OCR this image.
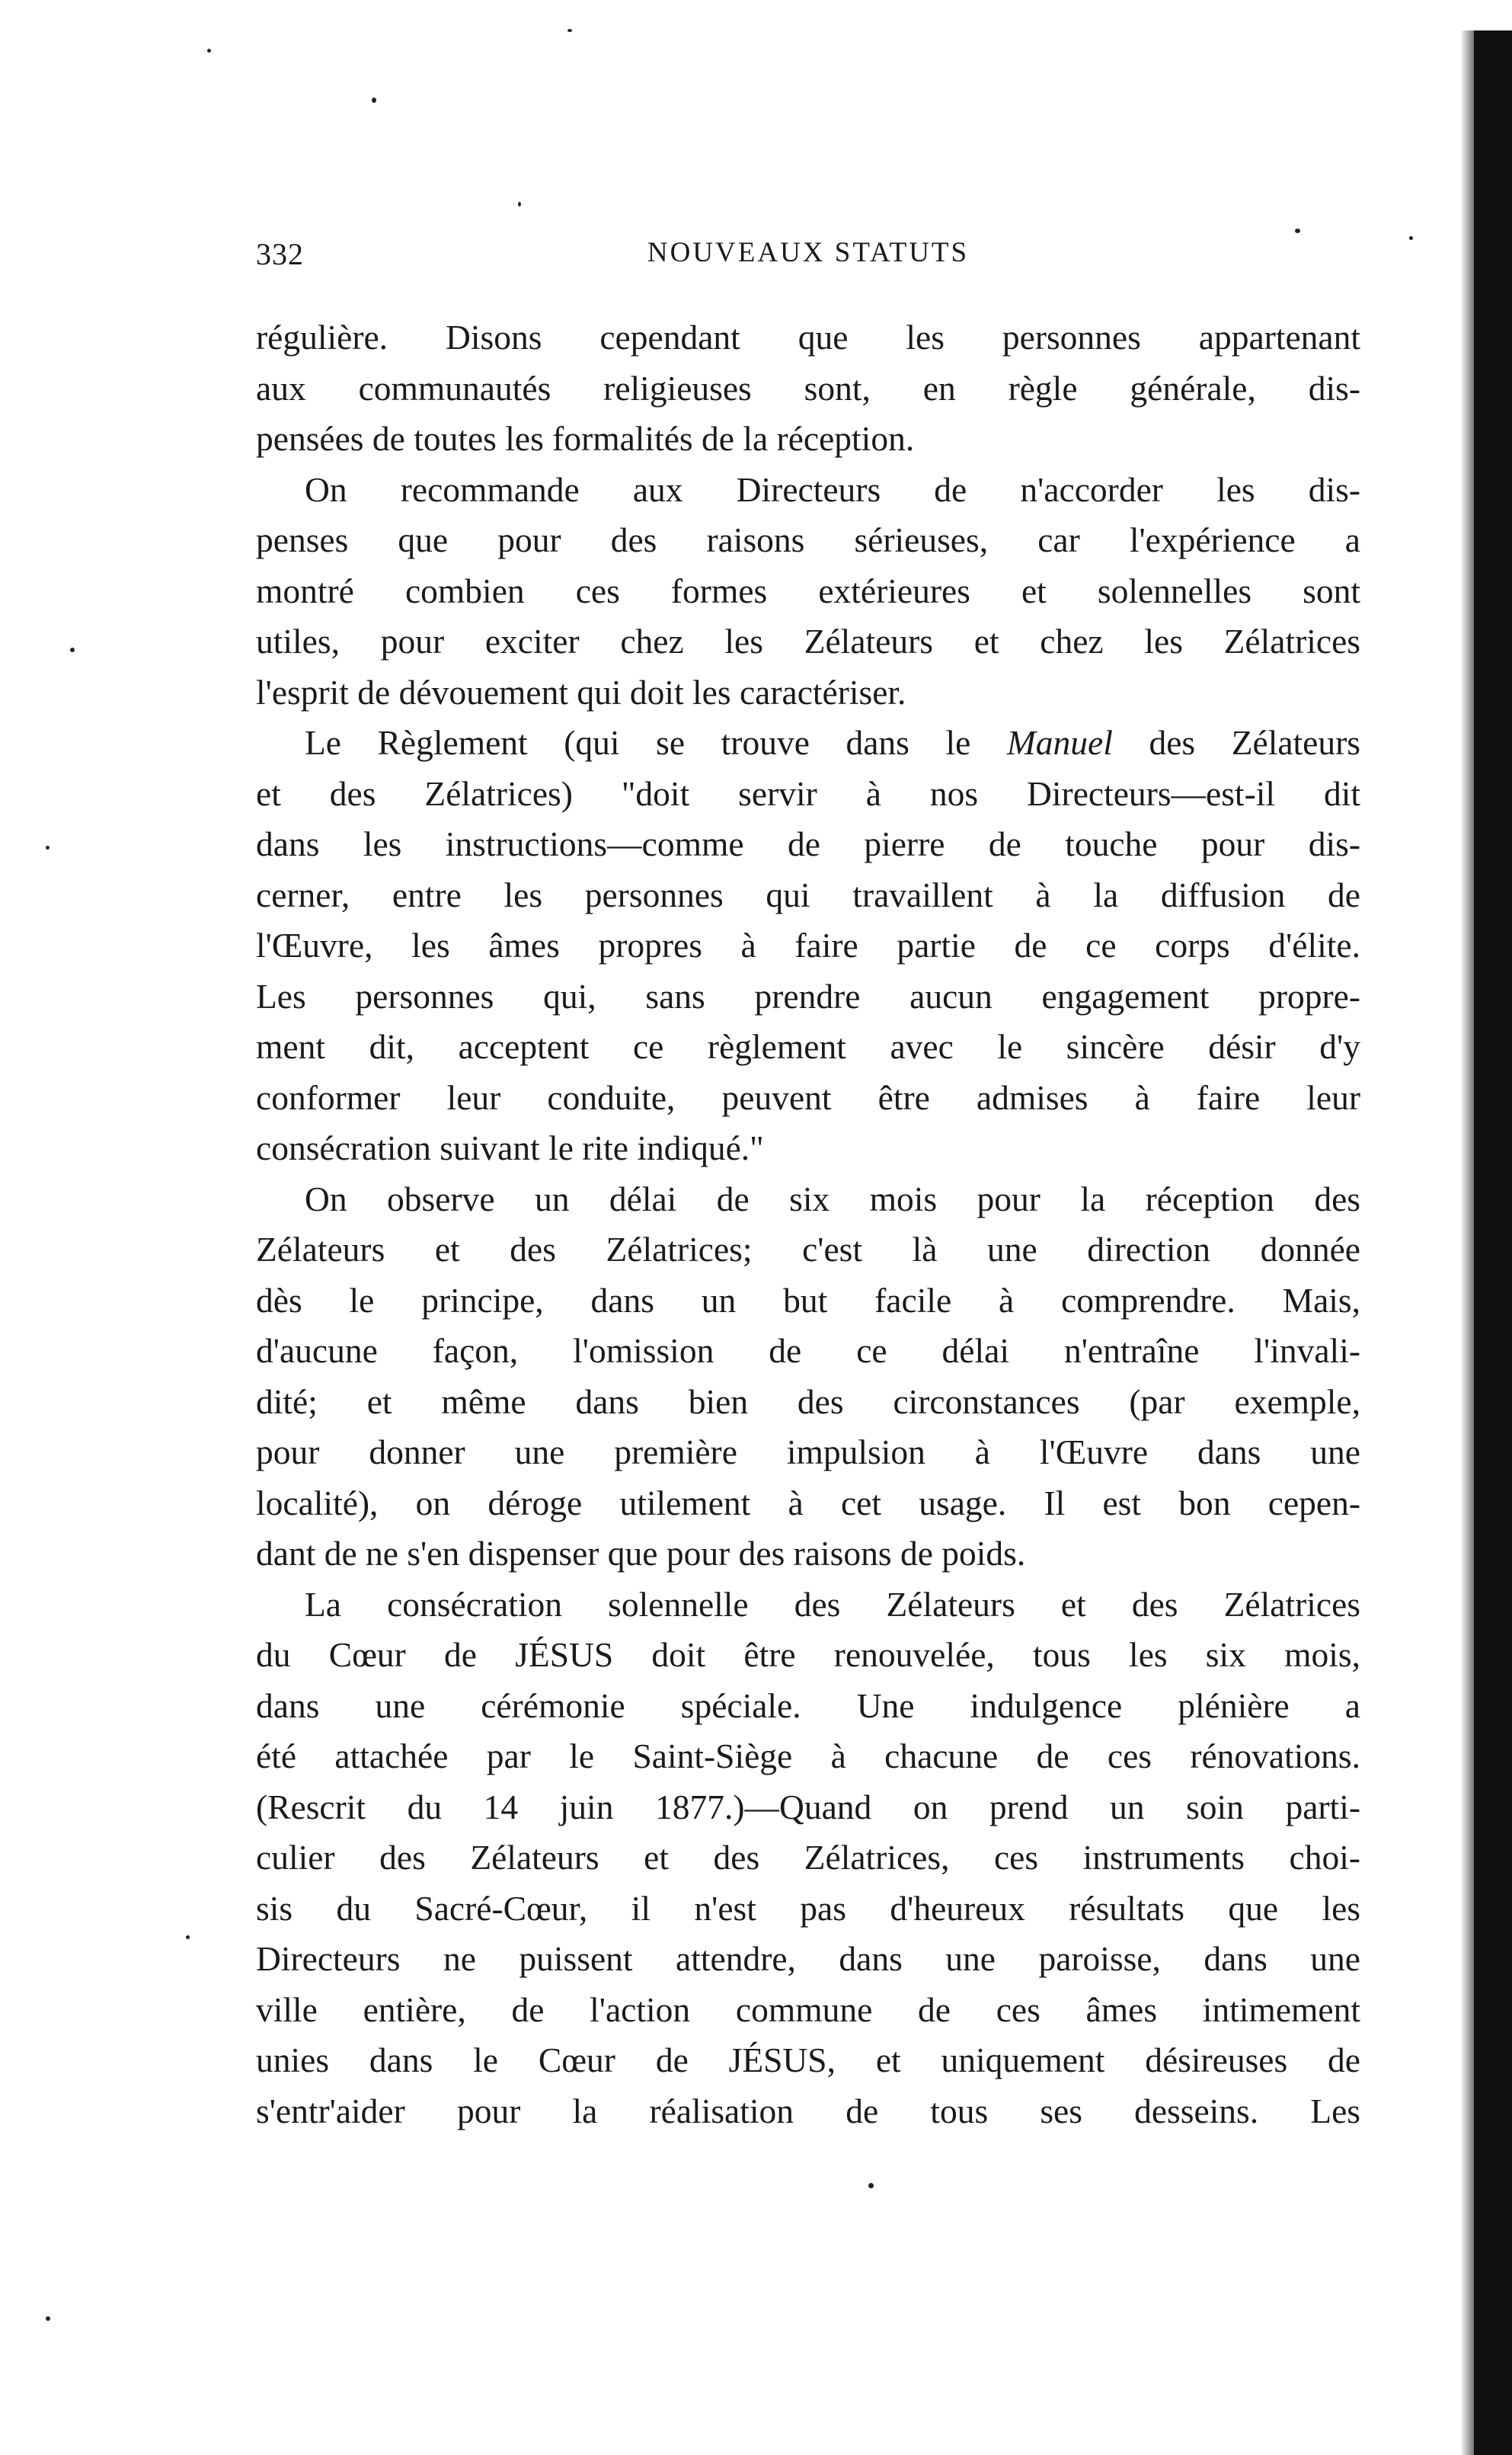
332	NOUVEAUX STATUTS
régulière. Disons cependant que les personnes appartenant
aux communautés religieuses sont, en règle générale, dis-
pensées de toutes les formalités de la réception.
On recommande aux Directeurs de n'accorder les dis-
penses que pour des raisons sérieuses, car l'expérience a
montré combien ces formes extérieures et solennelles sont
utiles, pour exciter chez les Zélateurs et chez les Zélatrices
l'esprit de dévouement qui doit les caractériser.
Le Règlement (qui se trouve dans le Manuel des Zélateurs
et des Zélatrices) "doit servir à nos Directeurs—est-il dit
dans les instructions—comme de pierre de touche pour dis-
cerner, entre les personnes qui travaillent à la diffusion de
l'Œuvre, les âmes propres à faire partie de ce corps d'élite.
Les personnes qui, sans prendre aucun engagement propre-
ment dit, acceptent ce règlement avec le sincère désir d'y
conformer leur conduite, peuvent être admises à faire leur
consécration suivant le rite indiqué."
On observe un délai de six mois pour la réception des
Zélateurs et des Zélatrices; c'est là une direction donnée
dès le principe, dans un but facile à comprendre. Mais,
d'aucune façon, l'omission de ce délai n'entraîne l'invali-
dité; et même dans bien des circonstances (par exemple,
pour donner une première impulsion à l'Œuvre dans une
localité), on déroge utilement à cet usage. Il est bon cepen-
dant de ne s'en dispenser que pour des raisons de poids.
La consécration solennelle des Zélateurs et des Zélatrices
du Cœur de JÉSUS doit être renouvelée, tous les six mois,
dans une cérémonie spéciale. Une indulgence plénière a
été attachée par le Saint-Siège à chacune de ces rénovations.
(Rescrit du 14 juin 1877.)—Quand on prend un soin parti-
culier des Zélateurs et des Zélatrices, ces instruments choi-
sis du Sacré-Cœur, il n'est pas d'heureux résultats que les
Directeurs ne puissent attendre, dans une paroisse, dans une
ville entière, de l'action commune de ces âmes intimement
unies dans le Cœur de JÉSUS, et uniquement désireuses de
s'entr'aider pour la réalisation de tous ses desseins. Les
